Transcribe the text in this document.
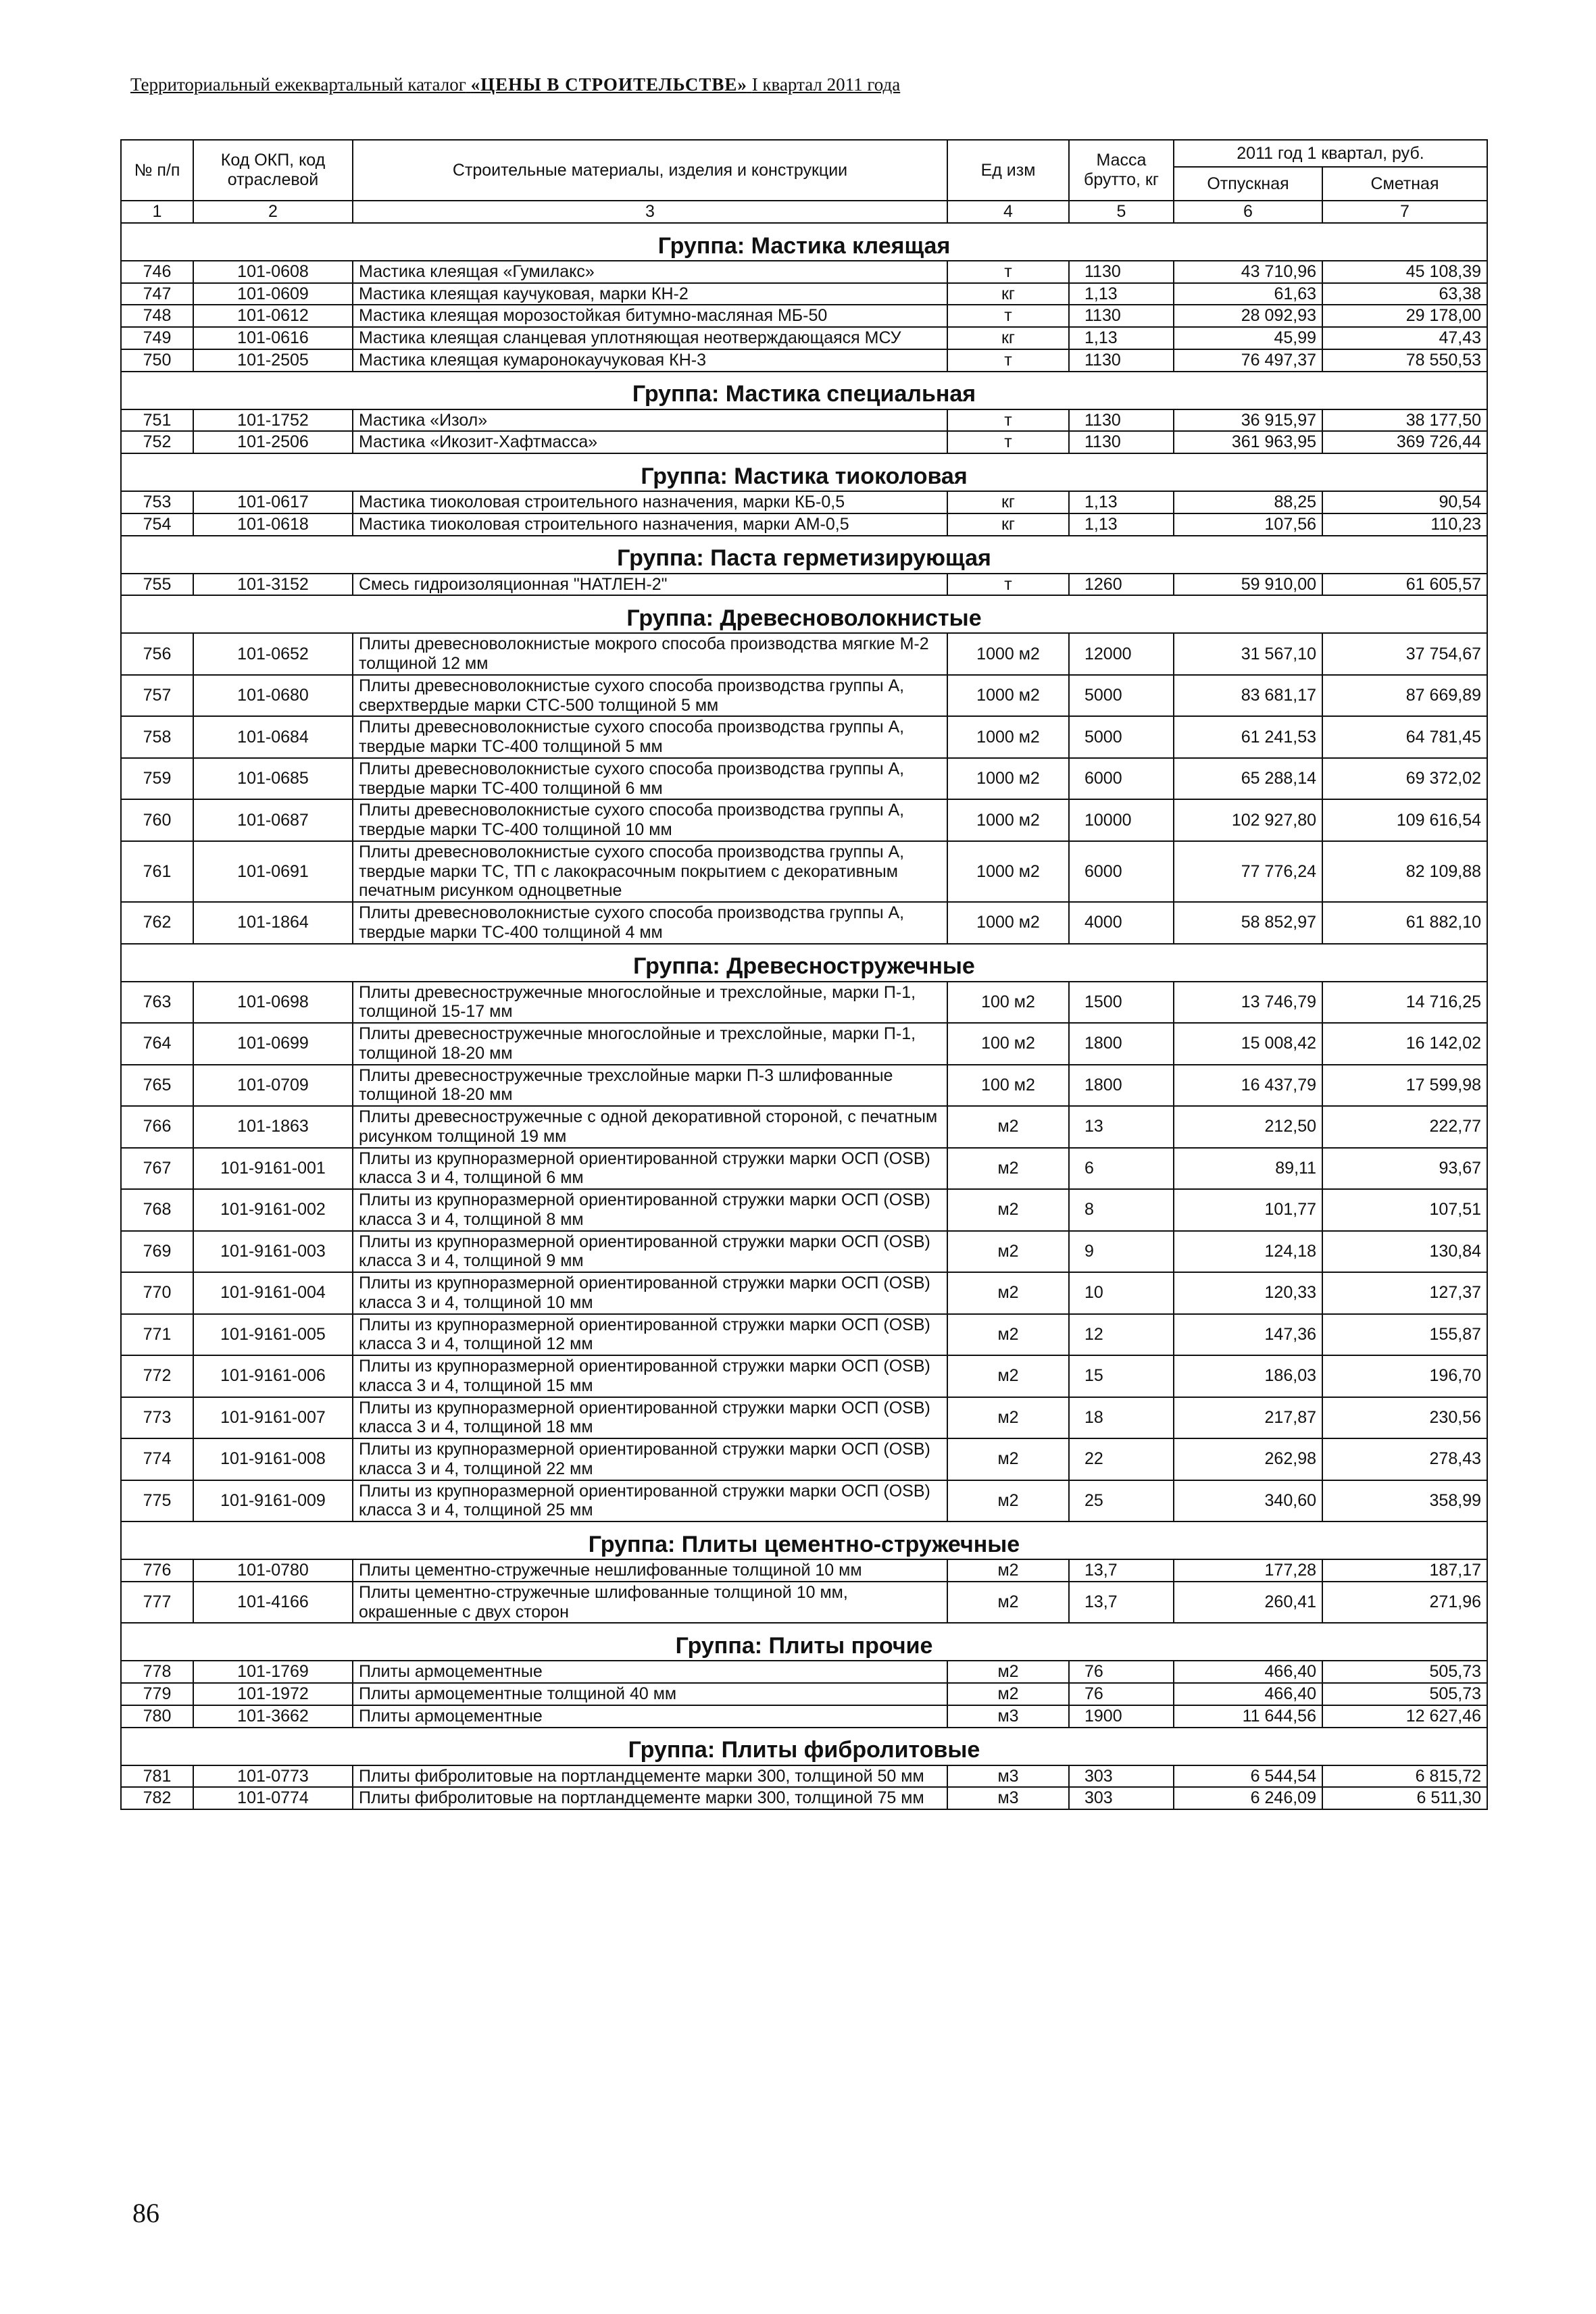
Территориальный ежеквартальный каталог «ЦЕНЫ В СТРОИТЕЛЬСТВЕ» I квартал 2011 года
№ п/п	Код ОКП, код отраслевой	Строительные материалы, изделия и конструкции	Ед изм	Масса брутто, кг	2011 год 1 квартал, руб.	
					Отпускная	Сметная
1	2	3	4	5	6	7
Группа: Мастика клеящая						
746	101-0608	Мастика клеящая «Гумилакс»	т	1130	43 710,96	45 108,39
747	101-0609	Мастика клеящая каучуковая, марки КН-2	кг	1,13	61,63	63,38
748	101-0612	Мастика клеящая морозостойкая битумно-масляная МБ-50	т	1130	28 092,93	29 178,00
749	101-0616	Мастика клеящая сланцевая уплотняющая неотверждающаяся МСУ	кг	1,13	45,99	47,43
750	101-2505	Мастика клеящая кумаронокаучуковая КН-3	т	1130	76 497,37	78 550,53
Группа: Мастика специальная						
751	101-1752	Мастика «Изол»	т	1130	36 915,97	38 177,50
752	101-2506	Мастика «Икозит-Хафтмасса»	т	1130	361 963,95	369 726,44
Группа: Мастика тиоколовая						
753	101-0617	Мастика тиоколовая строительного назначения, марки КБ-0,5	кг	1,13	88,25	90,54
754	101-0618	Мастика тиоколовая строительного назначения, марки АМ-0,5	кг	1,13	107,56	110,23
Группа: Паста герметизирующая						
755	101-3152	Смесь гидроизоляционная "НАТЛЕН-2"	т	1260	59 910,00	61 605,57
Группа: Древесноволокнистые						
756	101-0652	Плиты древесноволокнистые мокрого способа производства мягкие М-2 толщиной 12 мм	1000 м2	12000	31 567,10	37 754,67
757	101-0680	Плиты древесноволокнистые сухого способа производства группы А, сверхтвердые марки СТС-500 толщиной 5 мм	1000 м2	5000	83 681,17	87 669,89
758	101-0684	Плиты древесноволокнистые сухого способа производства группы А, твердые марки ТС-400 толщиной 5 мм	1000 м2	5000	61 241,53	64 781,45
759	101-0685	Плиты древесноволокнистые сухого способа производства группы А, твердые марки ТС-400 толщиной 6 мм	1000 м2	6000	65 288,14	69 372,02
760	101-0687	Плиты древесноволокнистые сухого способа производства группы А, твердые марки ТС-400 толщиной 10 мм	1000 м2	10000	102 927,80	109 616,54
761	101-0691	Плиты древесноволокнистые сухого способа производства группы А, твердые марки ТС, ТП с лакокрасочным покрытием с декоративным печатным рисунком одноцветные	1000 м2	6000	77 776,24	82 109,88
762	101-1864	Плиты древесноволокнистые сухого способа производства группы А, твердые марки ТС-400 толщиной 4 мм	1000 м2	4000	58 852,97	61 882,10
Группа: Древесностружечные						
763	101-0698	Плиты древесностружечные многослойные и трехслойные, марки П-1, толщиной 15-17 мм	100 м2	1500	13 746,79	14 716,25
764	101-0699	Плиты древесностружечные многослойные и трехслойные, марки П-1, толщиной 18-20 мм	100 м2	1800	15 008,42	16 142,02
765	101-0709	Плиты древесностружечные трехслойные марки П-3 шлифованные толщиной 18-20 мм	100 м2	1800	16 437,79	17 599,98
766	101-1863	Плиты древесностружечные с одной декоративной стороной, с печатным рисунком толщиной 19 мм	м2	13	212,50	222,77
767	101-9161-001	Плиты из крупноразмерной ориентированной стружки марки ОСП (OSB) класса 3 и 4, толщиной 6 мм	м2	6	89,11	93,67
768	101-9161-002	Плиты из крупноразмерной ориентированной стружки марки ОСП (OSB) класса 3 и 4, толщиной 8 мм	м2	8	101,77	107,51
769	101-9161-003	Плиты из крупноразмерной ориентированной стружки марки ОСП (OSB) класса 3 и 4, толщиной 9 мм	м2	9	124,18	130,84
770	101-9161-004	Плиты из крупноразмерной ориентированной стружки марки ОСП (OSB) класса 3 и 4, толщиной 10 мм	м2	10	120,33	127,37
771	101-9161-005	Плиты из крупноразмерной ориентированной стружки марки ОСП (OSB) класса 3 и 4, толщиной 12 мм	м2	12	147,36	155,87
772	101-9161-006	Плиты из крупноразмерной ориентированной стружки марки ОСП (OSB) класса 3 и 4, толщиной 15 мм	м2	15	186,03	196,70
773	101-9161-007	Плиты из крупноразмерной ориентированной стружки марки ОСП (OSB) класса 3 и 4, толщиной 18 мм	м2	18	217,87	230,56
774	101-9161-008	Плиты из крупноразмерной ориентированной стружки марки ОСП (OSB) класса 3 и 4, толщиной 22 мм	м2	22	262,98	278,43
775	101-9161-009	Плиты из крупноразмерной ориентированной стружки марки ОСП (OSB) класса 3 и 4, толщиной 25 мм	м2	25	340,60	358,99
Группа: Плиты цементно-стружечные						
776	101-0780	Плиты цементно-стружечные нешлифованные толщиной 10 мм	м2	13,7	177,28	187,17
777	101-4166	Плиты цементно-стружечные шлифованные толщиной 10 мм, окрашенные с двух сторон	м2	13,7	260,41	271,96
Группа: Плиты прочие						
778	101-1769	Плиты армоцементные	м2	76	466,40	505,73
779	101-1972	Плиты армоцементные толщиной 40 мм	м2	76	466,40	505,73
780	101-3662	Плиты армоцементные	м3	1900	11 644,56	12 627,46
Группа: Плиты фибролитовые						
781	101-0773	Плиты фибролитовые на портландцементе марки 300, толщиной 50 мм	м3	303	6 544,54	6 815,72
782	101-0774	Плиты фибролитовые на портландцементе марки 300, толщиной 75 мм	м3	303	6 246,09	6 511,30
86
